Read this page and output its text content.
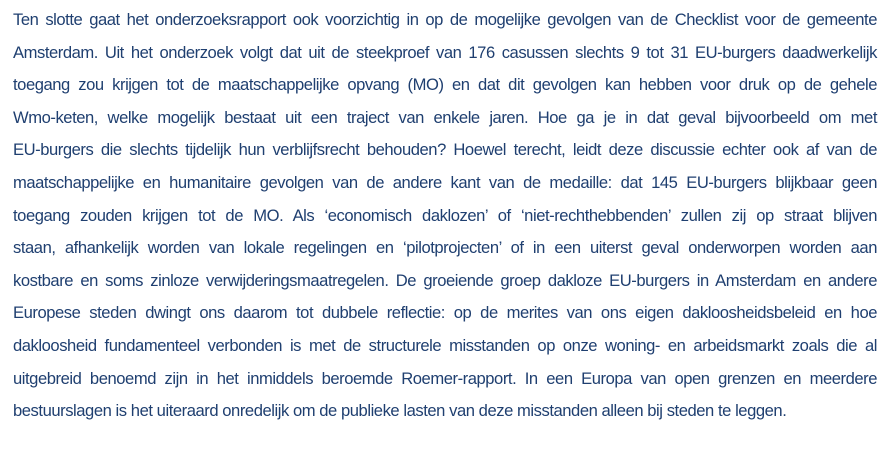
Ten slotte gaat het onderzoeksrapport ook voorzichtig in op de mogelijke gevolgen van de Checklist voor de gemeente
Amsterdam. Uit het onderzoek volgt dat uit de steekproef van 176 casussen slechts 9 tot 31 EU-burgers daadwerkelijk
toegang zou krijgen tot de maatschappelijke opvang (MO) en dat dit gevolgen kan hebben voor druk op de gehele
Wmo-keten, welke mogelijk bestaat uit een traject van enkele jaren. Hoe ga je in dat geval bijvoorbeeld om met
EU-burgers die slechts tijdelijk hun verblijfsrecht behouden? Hoewel terecht, leidt deze discussie echter ook af van de
maatschappelijke en humanitaire gevolgen van de andere kant van de medaille: dat 145 EU-burgers blijkbaar geen
toegang zouden krijgen tot de MO. Als ‘economisch daklozen’ of ‘niet-rechthebbenden’ zullen zij op straat blijven
staan, afhankelijk worden van lokale regelingen en ‘pilotprojecten’ of in een uiterst geval onderworpen worden aan
kostbare en soms zinloze verwijderingsmaatregelen. De groeiende groep dakloze EU-burgers in Amsterdam en andere
Europese steden dwingt ons daarom tot dubbele reflectie: op de merites van ons eigen dakloosheidsbeleid en hoe
dakloosheid fundamenteel verbonden is met de structurele misstanden op onze woning- en arbeidsmarkt zoals die al
uitgebreid benoemd zijn in het inmiddels beroemde Roemer-rapport. In een Europa van open grenzen en meerdere
bestuurslagen is het uiteraard onredelijk om de publieke lasten van deze misstanden alleen bij steden te leggen.
